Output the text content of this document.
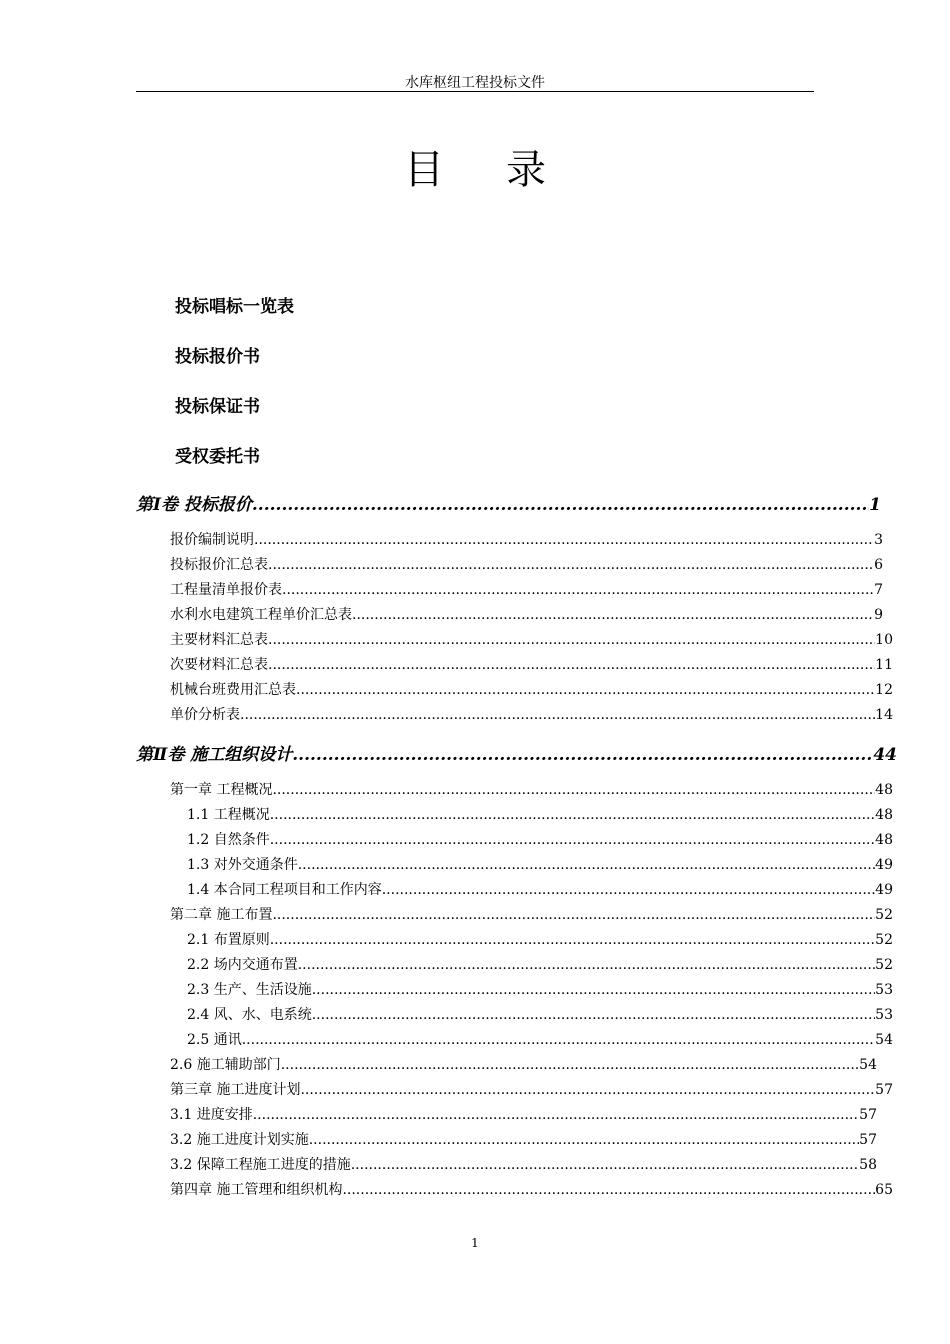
水库枢纽工程投标文件
目录
投标唱标一览表
投标报价书
投标保证书
受权委托书
第Ⅰ卷 投标报价 .....	1
报价编制说明 .....	3
投标报价汇总表 .....	6
工程量清单报价表 .....	7
水利水电建筑工程单价汇总表 .....	9
主要材料汇总表 .....	10
次要材料汇总表 .....	11
机械台班费用汇总表 .....	12
单价分析表 .....	14
第Ⅱ卷 施工组织设计 .....	44
第一章 工程概况 .....	48
1.1 工程概况 .....	48
1.2 自然条件 .....	48
1.3 对外交通条件 .....	49
1.4 本合同工程项目和工作内容 .....	49
第二章 施工布置 .....	52
2.1 布置原则 .....	52
2.2 场内交通布置 .....	52
2.3 生产、生活设施 .....	53
2.4 风、水、电系统 .....	53
2.5 通讯 .....	54
2.6 施工辅助部门 .....	54
第三章 施工进度计划 .....	57
3.1 进度安排 .....	57
3.2 施工进度计划实施 .....	57
3.2 保障工程施工进度的措施 .....	58
第四章 施工管理和组织机构 .....	65
1
